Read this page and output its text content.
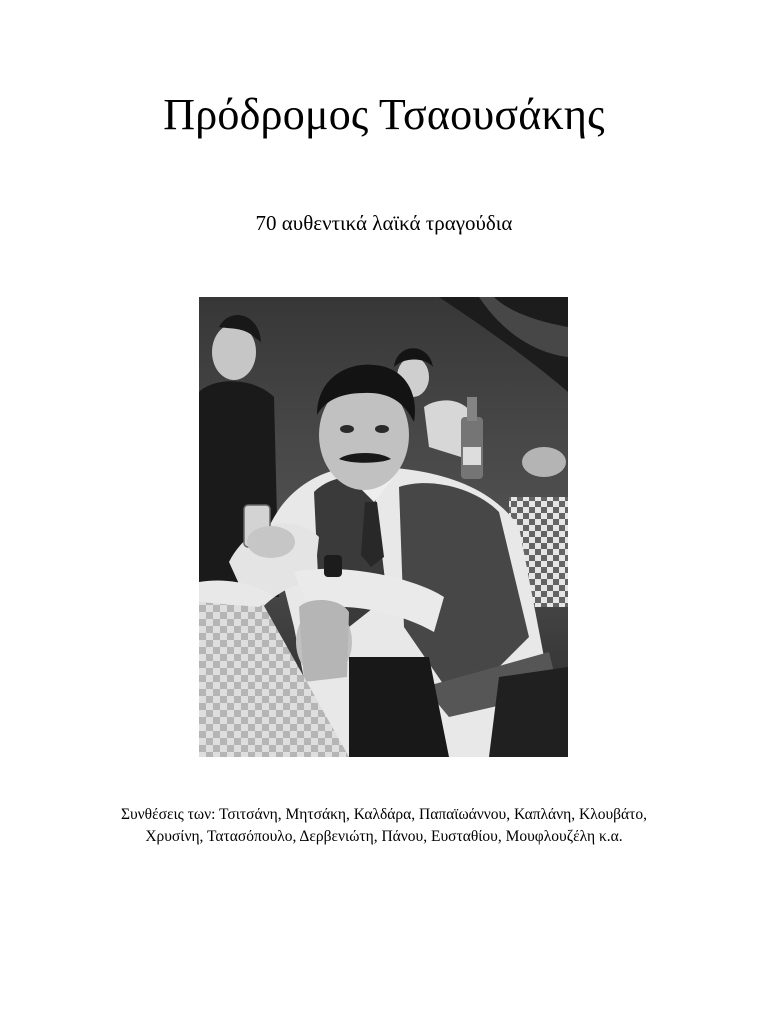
Πρόδρομος Τσαουσάκης

70 αυθεντικά λαϊκά τραγούδια

Συνθέσεις των: Τσιτσάνη, Μητσάκη, Καλδάρα, Παπαϊωάννου, Καπλάνη, Κλουβάτο, Χρυσίνη, Τατασόπουλο, Δερβενιώτη, Πάνου, Ευσταθίου, Μουφλουζέλη κ.α.
